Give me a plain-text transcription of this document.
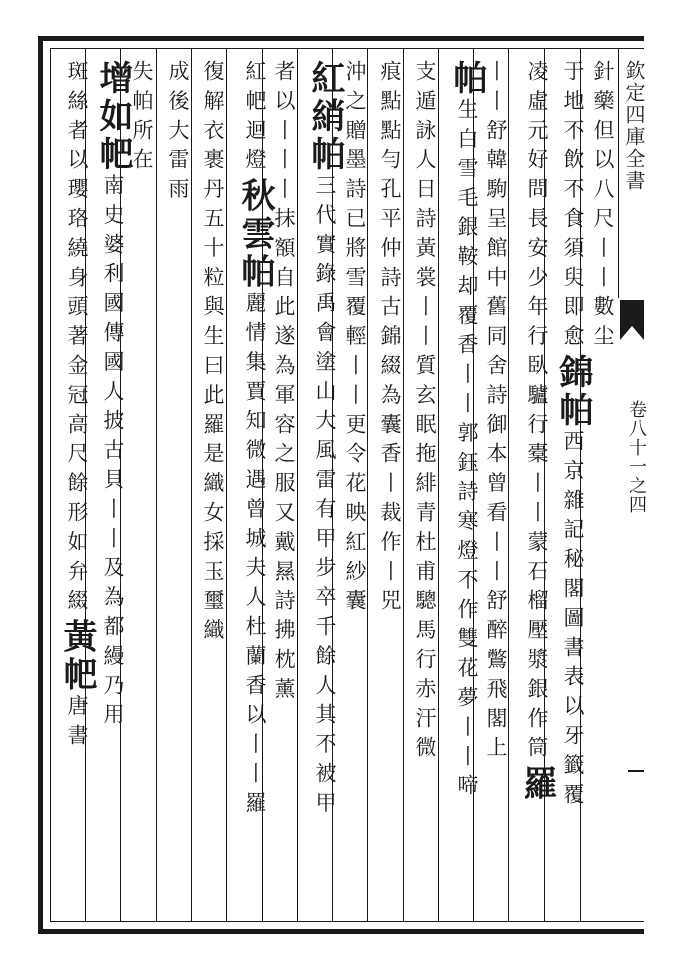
欽定四庫全書
卷八十一之四
針藥但以八尺丨丨數尘
于地不飲不食須臾即愈錦帕西京雜記秘閣圖書表以牙籤覆
凌虛元好問長安少年行臥驢行橐丨丨蒙石榴壓漿銀作筒羅
丨丨舒韓駒呈館中舊同舍詩御本曾看丨丨舒醉鷩飛閣上
帕生白雪毛銀鞍却覆香丨丨郭鈺詩寒燈不作雙花夢丨丨啼
支遁詠人日詩黃裳丨丨質玄眠拖緋青杜甫驄馬行赤汗微
痕點點勻孔平仲詩古錦綴為囊香丨裁作丨兕
沖之贈墨詩已將雪覆輕丨丨更令花映紅紗囊
紅綃帕三代實錄禹會塗山大風雷有甲步卒千餘人其不被甲
者以丨丨丨抹額自此遂為軍容之服又戴㬎詩拂枕薰
紅帊迴燈秋雲帕麗情集賈知微遇曾城夫人杜蘭香以丨丨羅
復解衣裹丹五十粒與生曰此羅是織女採玉璽織
成後大雷雨
失帕所在
增如帊南史婆利國傳國人披古貝丨丨及為都縵乃用
斑絲者以瓔珞繞身頭著金冠高尺餘形如弁綴黃帊唐書
